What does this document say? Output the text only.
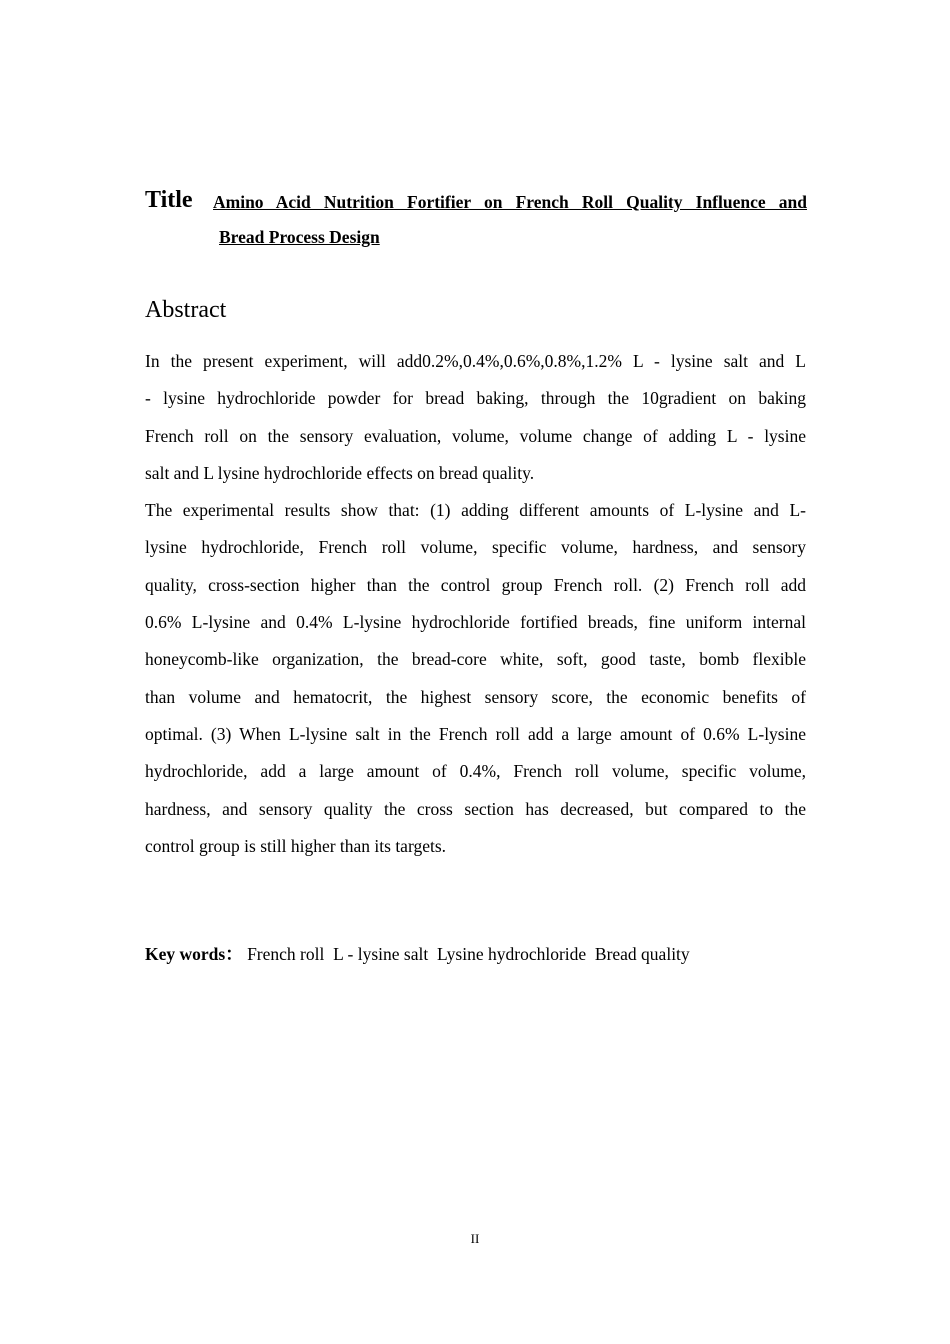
Title Amino Acid Nutrition Fortifier on French Roll Quality Influence and
Bread Process Design
Abstract

In the present experiment, will add0.2%,0.4%,0.6%,0.8%,1.2% L - lysine salt and L
- lysine hydrochloride powder for bread baking, through the 10gradient on baking
French roll on the sensory evaluation, volume, volume change of adding L - lysine
salt and L lysine hydrochloride effects on bread quality.

The experimental results show that: (1) adding different amounts of L-lysine and L-
lysine hydrochloride, French roll volume, specific volume, hardness, and sensory
quality, cross-section higher than the control group French roll. (2) French roll add
0.6% L-lysine and 0.4% L-lysine hydrochloride fortified breads, fine uniform internal
honeycomb-like organization, the bread-core white, soft, good taste, bomb flexible
than volume and hematocrit, the highest sensory score, the economic benefits of
optimal. (3) When L-lysine salt in the French roll add a large amount of 0.6% L-lysine
hydrochloride, add a large amount of 0.4%, French roll volume, specific volume,
hardness, and sensory quality the cross section has decreased, but compared to the
control group is still higher than its targets.

Key words： French roll  L - lysine salt  Lysine hydrochloride  Bread quality
II
